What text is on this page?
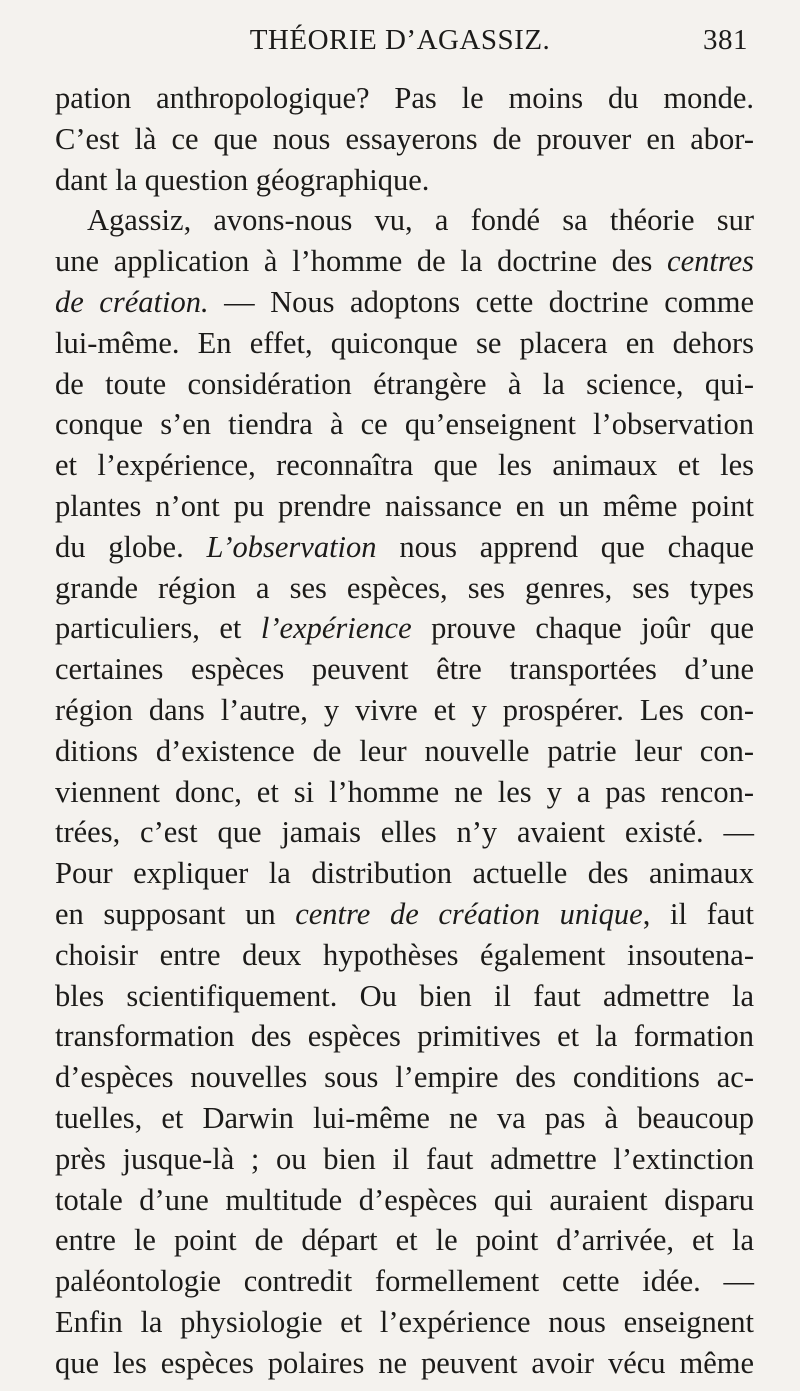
THÉORIE D’AGASSIZ.	381
pation anthropologique? Pas le moins du monde.
C’est là ce que nous essayerons de prouver en abor-
dant la question géographique.
Agassiz, avons-nous vu, a fondé sa théorie sur
une application à l’homme de la doctrine des centres
de création. — Nous adoptons cette doctrine comme
lui-même. En effet, quiconque se placera en dehors
de toute considération étrangère à la science, qui-
conque s’en tiendra à ce qu’enseignent l’observation
et l’expérience, reconnaîtra que les animaux et les
plantes n’ont pu prendre naissance en un même point
du globe. L’observation nous apprend que chaque
grande région a ses espèces, ses genres, ses types
particuliers, et l’expérience prouve chaque joûr que
certaines espèces peuvent être transportées d’une
région dans l’autre, y vivre et y prospérer. Les con-
ditions d’existence de leur nouvelle patrie leur con-
viennent donc, et si l’homme ne les y a pas rencon-
trées, c’est que jamais elles n’y avaient existé. —
Pour expliquer la distribution actuelle des animaux
en supposant un centre de création unique, il faut
choisir entre deux hypothèses également insoutena-
bles scientifiquement. Ou bien il faut admettre la
transformation des espèces primitives et la formation
d’espèces nouvelles sous l’empire des conditions ac-
tuelles, et Darwin lui-même ne va pas à beaucoup
près jusque-là ; ou bien il faut admettre l’extinction
totale d’une multitude d’espèces qui auraient disparu
entre le point de départ et le point d’arrivée, et la
paléontologie contredit formellement cette idée. —
Enfin la physiologie et l’expérience nous enseignent
que les espèces polaires ne peuvent avoir vécu même
